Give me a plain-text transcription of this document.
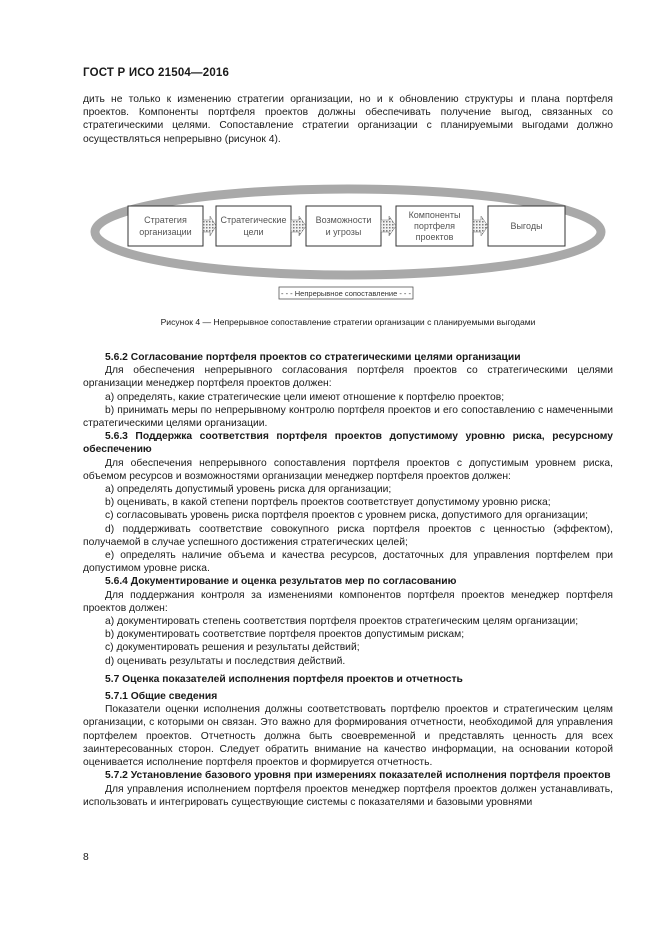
ГОСТ Р ИСО 21504—2016

дить не только к изменению стратегии организации, но и к обновлению структуры и плана портфеля проектов. Компоненты портфеля проектов должны обеспечивать получение выгод, связанных со стратегическими целями. Сопоставление стратегии организации с планируемыми выгодами должно осуществляться непрерывно (рисунок 4).

Стратегия
организации
Стратегические
цели
Возможности
и угрозы
Компоненты
портфеля
проектов
Выгоды
- - - Непрерывное сопоставление - - -
Рисунок 4 — Непрерывное сопоставление стратегии организации с планируемыми выгодами

5.6.2 Согласование портфеля проектов со стратегическими целями организации

Для обеспечения непрерывного согласования портфеля проектов со стратегическими целями организации менеджер портфеля проектов должен:

a) определять, какие стратегические цели имеют отношение к портфелю проектов;

b) принимать меры по непрерывному контролю портфеля проектов и его сопоставлению с намеченными стратегическими целями организации.

5.6.3 Поддержка соответствия портфеля проектов допустимому уровню риска, ресурсному обеспечению

Для обеспечения непрерывного сопоставления портфеля проектов с допустимым уровнем риска, объемом ресурсов и возможностями организации менеджер портфеля проектов должен:

a) определять допустимый уровень риска для организации;

b) оценивать, в какой степени портфель проектов соответствует допустимому уровню риска;

c) согласовывать уровень риска портфеля проектов с уровнем риска, допустимого для организации;

d) поддерживать соответствие совокупного риска портфеля проектов с ценностью (эффектом), получаемой в случае успешного достижения стратегических целей;

e) определять наличие объема и качества ресурсов, достаточных для управления портфелем при допустимом уровне риска.

5.6.4 Документирование и оценка результатов мер по согласованию

Для поддержания контроля за изменениями компонентов портфеля проектов менеджер портфеля проектов должен:

a) документировать степень соответствия портфеля проектов стратегическим целям организации;

b) документировать соответствие портфеля проектов допустимым рискам;

c) документировать решения и результаты действий;

d) оценивать результаты и последствия действий.

5.7 Оценка показателей исполнения портфеля проектов и отчетность

5.7.1 Общие сведения

Показатели оценки исполнения должны соответствовать портфелю проектов и стратегическим целям организации, с которыми он связан. Это важно для формирования отчетности, необходимой для управления портфелем проектов. Отчетность должна быть своевременной и представлять ценность для всех заинтересованных сторон. Следует обратить внимание на качество информации, на основании которой оценивается исполнение портфеля проектов и формируется отчетность.

5.7.2 Установление базового уровня при измерениях показателей исполнения портфеля проектов

Для управления исполнением портфеля проектов менеджер портфеля проектов должен устанавливать, использовать и интегрировать существующие системы с показателями и базовыми уровнями

8
